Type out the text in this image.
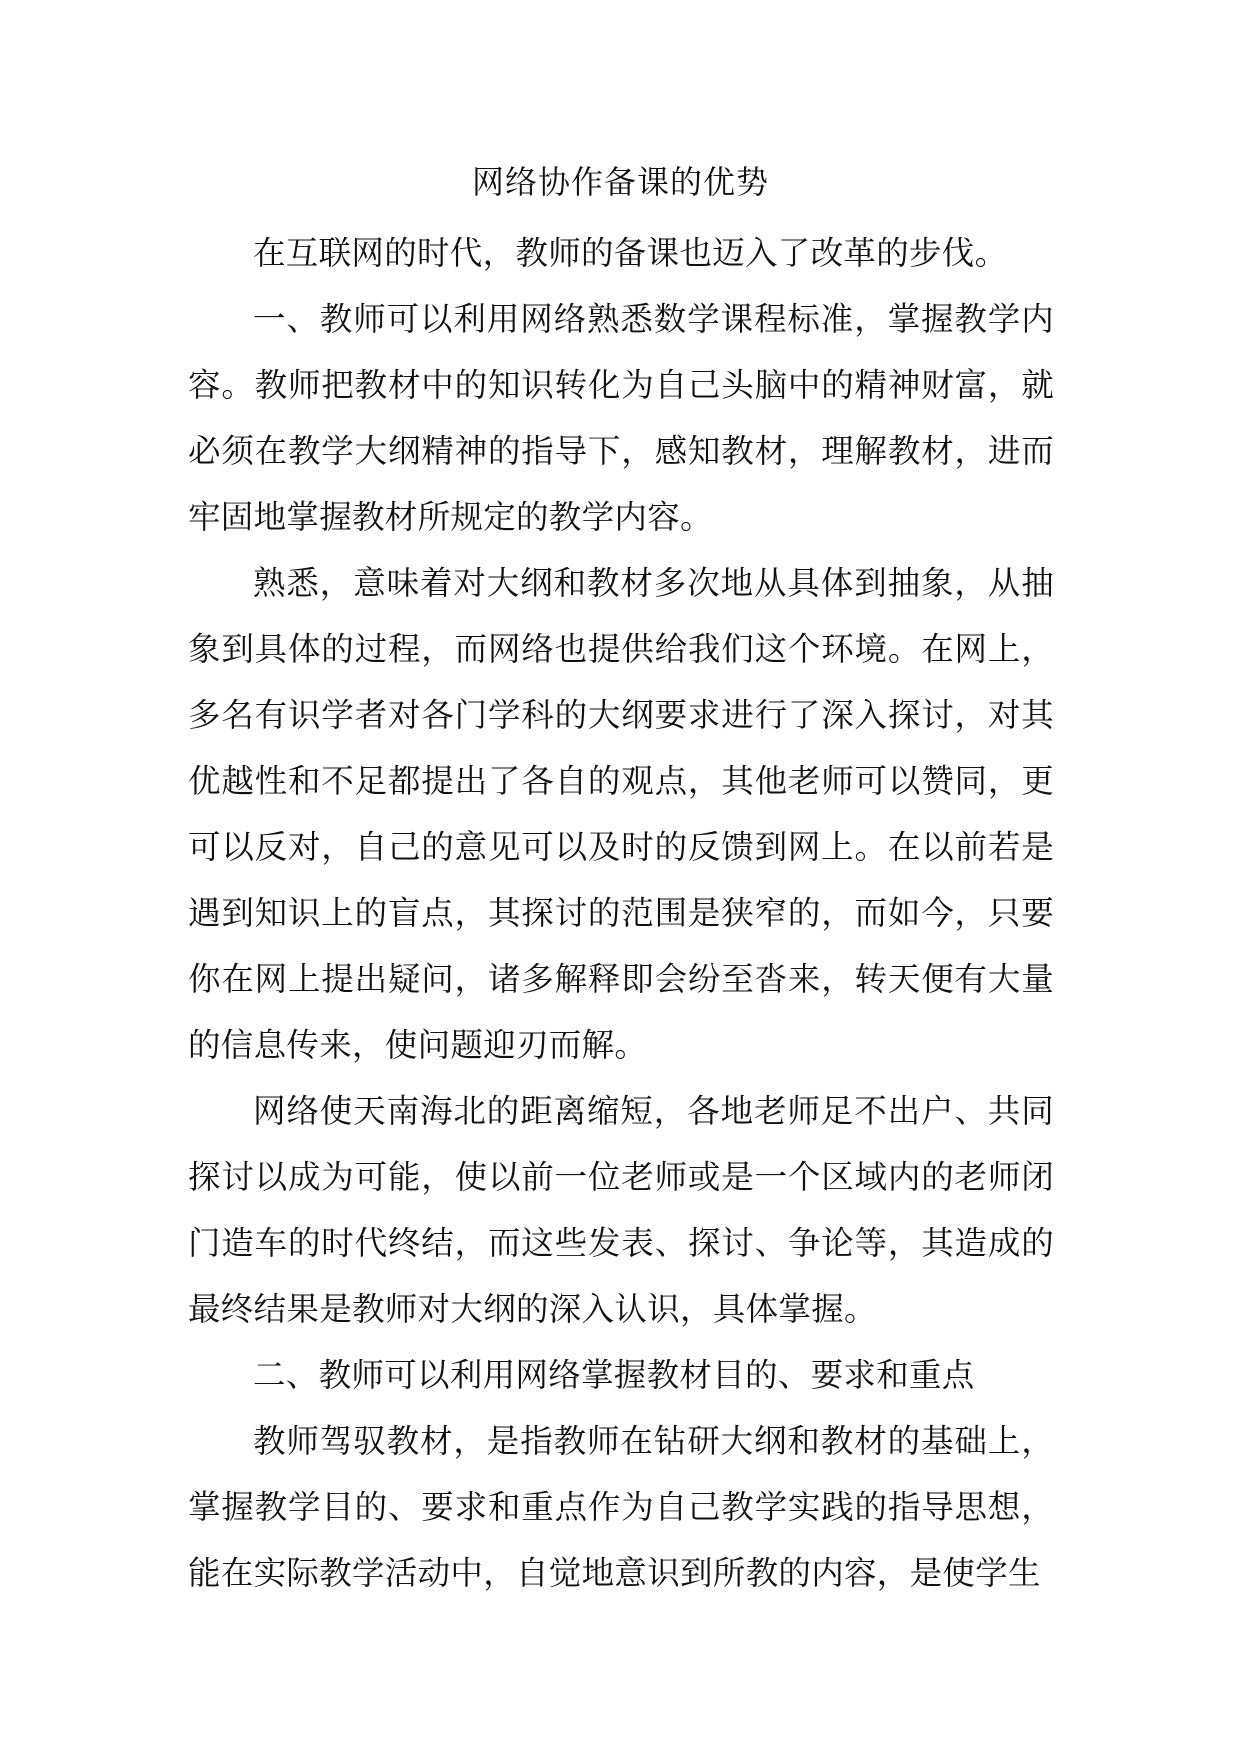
网络协作备课的优势

在互联网的时代，教师的备课也迈入了改革的步伐。

一、教师可以利用网络熟悉数学课程标准，掌握教学内容。教师把教材中的知识转化为自己头脑中的精神财富，就必须在教学大纲精神的指导下，感知教材，理解教材，进而牢固地掌握教材所规定的教学内容。

熟悉，意味着对大纲和教材多次地从具体到抽象，从抽象到具体的过程，而网络也提供给我们这个环境。在网上，多名有识学者对各门学科的大纲要求进行了深入探讨，对其优越性和不足都提出了各自的观点，其他老师可以赞同，更可以反对，自己的意见可以及时的反馈到网上。在以前若是遇到知识上的盲点，其探讨的范围是狭窄的，而如今，只要你在网上提出疑问，诸多解释即会纷至沓来，转天便有大量的信息传来，使问题迎刃而解。

网络使天南海北的距离缩短，各地老师足不出户、共同探讨以成为可能，使以前一位老师或是一个区域内的老师闭门造车的时代终结，而这些发表、探讨、争论等，其造成的最终结果是教师对大纲的深入认识，具体掌握。

二、教师可以利用网络掌握教材目的、要求和重点

教师驾驭教材，是指教师在钻研大纲和教材的基础上，掌握教学目的、要求和重点作为自己教学实践的指导思想，能在实际教学活动中，自觉地意识到所教的内容，是使学生
